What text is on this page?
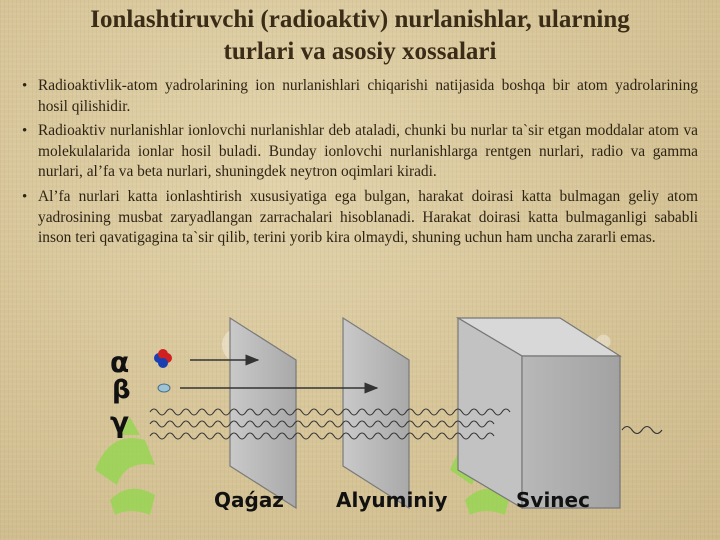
Ionlashtiruvchi (radioaktiv) nurlanishlar, ularning
turlari va asosiy xossalari
• Radioaktivlik-atom yadrolarining ion nurlanishlari chiqarishi natijasida boshqa bir atom yadrolarining hosil qilishidir.
• Radioaktiv nurlanishlar ionlovchi nurlanishlar deb ataladi, chunki bu nurlar ta`sir etgan moddalar atom va molekulalarida ionlar hosil buladi. Bunday ionlovchi nurlanishlarga rentgen nurlari, radio va gamma nurlari, al’fa va beta nurlari, shuningdek neytron oqimlari kiradi.
• Al’fa nurlari katta ionlashtirish xususiyatiga ega bulgan, harakat doirasi katta bulmagan geliy atom yadrosining musbat zaryadlangan zarrachalari hisoblanadi. Harakat doirasi katta bulmaganligi sababli inson teri qavatigagina ta`sir qilib, terini yorib kira olmaydi, shuning uchun ham uncha zararli emas.
α
β
γ
Qaǵaz	Alyuminiy	Svinec
